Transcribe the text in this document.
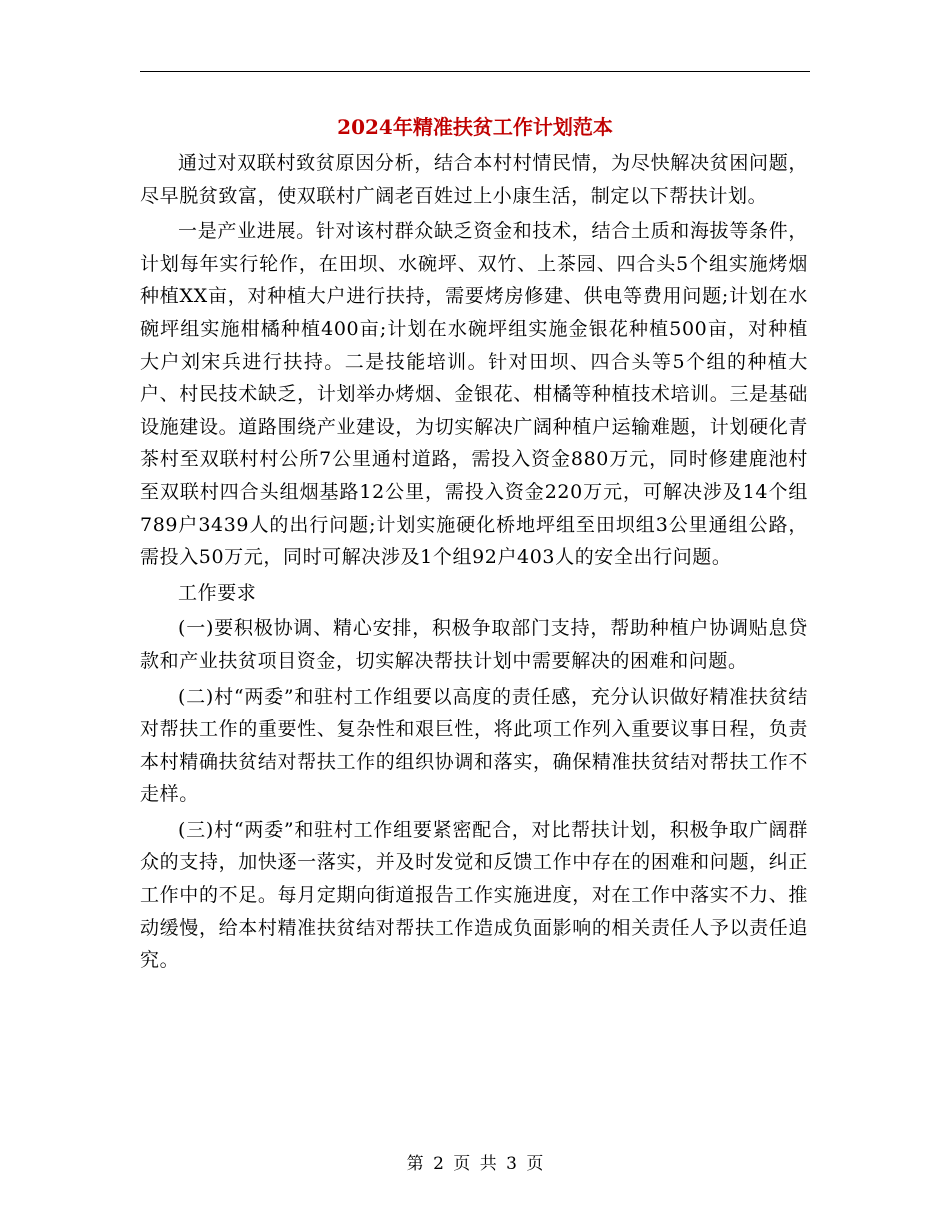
2024年精准扶贫工作计划范本

通过对双联村致贫原因分析，结合本村村情民情，为尽快解决贫困问题，尽早脱贫致富，使双联村广阔老百姓过上小康生活，制定以下帮扶计划。

一是产业进展。针对该村群众缺乏资金和技术，结合土质和海拔等条件，计划每年实行轮作，在田坝、水碗坪、双竹、上茶园、四合头5个组实施烤烟种植XX亩，对种植大户进行扶持，需要烤房修建、供电等费用问题;计划在水碗坪组实施柑橘种植400亩;计划在水碗坪组实施金银花种植500亩，对种植大户刘宋兵进行扶持。二是技能培训。针对田坝、四合头等5个组的种植大户、村民技术缺乏，计划举办烤烟、金银花、柑橘等种植技术培训。三是基础设施建设。道路围绕产业建设，为切实解决广阔种植户运输难题，计划硬化青茶村至双联村村公所7公里通村道路，需投入资金880万元，同时修建鹿池村至双联村四合头组烟基路12公里，需投入资金220万元，可解决涉及14个组789户3439人的出行问题;计划实施硬化桥地坪组至田坝组3公里通组公路，需投入50万元，同时可解决涉及1个组92户403人的安全出行问题。

工作要求

(一)要积极协调、精心安排，积极争取部门支持，帮助种植户协调贴息贷款和产业扶贫项目资金，切实解决帮扶计划中需要解决的困难和问题。

(二)村“两委”和驻村工作组要以高度的责任感，充分认识做好精准扶贫结对帮扶工作的重要性、复杂性和艰巨性，将此项工作列入重要议事日程，负责本村精确扶贫结对帮扶工作的组织协调和落实，确保精准扶贫结对帮扶工作不走样。

(三)村“两委”和驻村工作组要紧密配合，对比帮扶计划，积极争取广阔群众的支持，加快逐一落实，并及时发觉和反馈工作中存在的困难和问题，纠正工作中的不足。每月定期向街道报告工作实施进度，对在工作中落实不力、推动缓慢，给本村精准扶贫结对帮扶工作造成负面影响的相关责任人予以责任追究。

第 2 页 共 3 页
